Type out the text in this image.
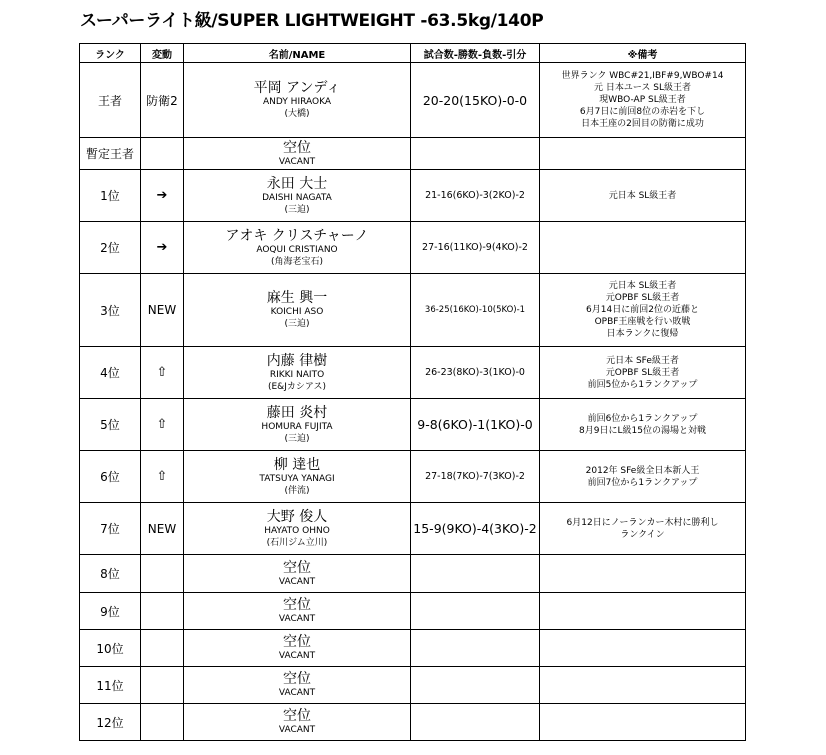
スーパーライト級/SUPER LIGHTWEIGHT -63.5kg/140P
ランク	変動	名前/NAME	試合数-勝数-負数-引分	※備考
王者	防衛2	平岡 アンディ
ANDY HIRAOKA
(大橋)	20-20(15KO)-0-0	世界ランク WBC#21,IBF#9,WBO#14
元 日本ユース SL級王者
現WBO-AP SL級王者
6月7日に前回8位の赤岩を下し
日本王座の2回目の防衛に成功

暫定王者		空位
VACANT		

1位	➔	永田 大士
DAISHI NAGATA
(三迫)	21-16(6KO)-3(2KO)-2	元日本 SL級王者

2位	➔	アオキ クリスチャーノ
AOQUI CRISTIANO
(角海老宝石)	27-16(11KO)-9(4KO)-2	
3位	NEW	麻生 興一
KOICHI ASO
(三迫)	36-25(16KO)-10(5KO)-1	元日本 SL級王者
元OPBF SL級王者
6月14日に前回2位の近藤と
OPBF王座戦を行い敗戦
日本ランクに復帰

4位	⇧	内藤 律樹
RIKKI NAITO
(E&Jカシアス)	26-23(8KO)-3(1KO)-0	元日本 SFe級王者
元OPBF SL級王者
前回5位から1ランクアップ

5位	⇧	藤田 炎村
HOMURA FUJITA
(三迫)	9-8(6KO)-1(1KO)-0	前回6位から1ランクアップ
8月9日にL級15位の湯場と対戦

6位	⇧	柳 達也
TATSUYA YANAGI
(伴流)	27-18(7KO)-7(3KO)-2	2012年 SFe級全日本新人王
前回7位から1ランクアップ

7位	NEW	大野 俊人
HAYATO OHNO
(石川ジム立川)	15-9(9KO)-4(3KO)-2	6月12日にノーランカー木村に勝利し
ランクイン

8位		空位
VACANT		

9位		空位
VACANT		

10位		空位
VACANT		

11位		空位
VACANT		

12位		空位
VACANT		
